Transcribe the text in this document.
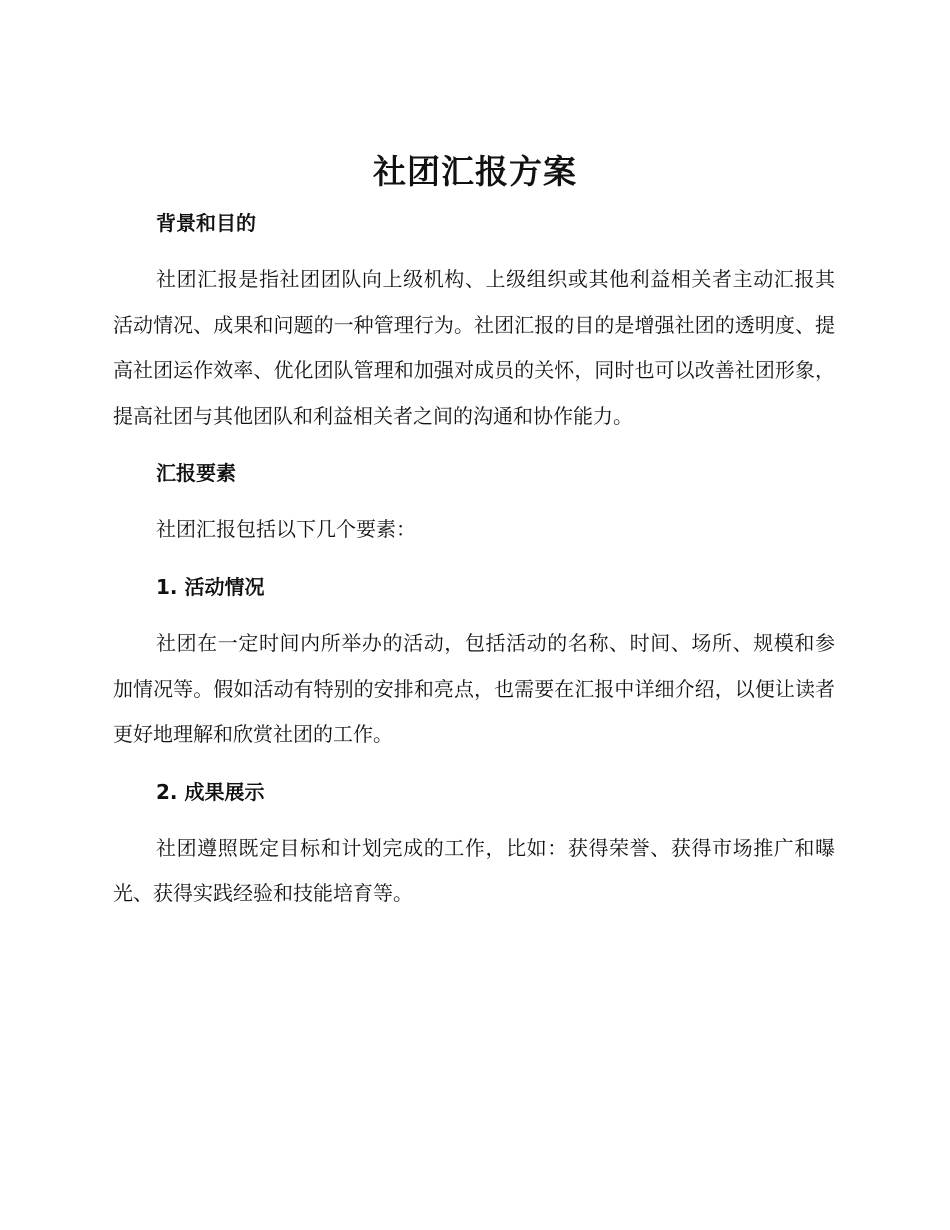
社团汇报方案
背景和目的

社团汇报是指社团团队向上级机构、上级组织或其他利益相关者主动汇报其活动情况、成果和问题的一种管理行为。社团汇报的目的是增强社团的透明度、提高社团运作效率、优化团队管理和加强对成员的关怀，同时也可以改善社团形象，提高社团与其他团队和利益相关者之间的沟通和协作能力。

汇报要素

社团汇报包括以下几个要素：

1. 活动情况

社团在一定时间内所举办的活动，包括活动的名称、时间、场所、规模和参加情况等。假如活动有特别的安排和亮点，也需要在汇报中详细介绍，以便让读者更好地理解和欣赏社团的工作。

2. 成果展示

社团遵照既定目标和计划完成的工作，比如：获得荣誉、获得市场推广和曝光、获得实践经验和技能培育等。
